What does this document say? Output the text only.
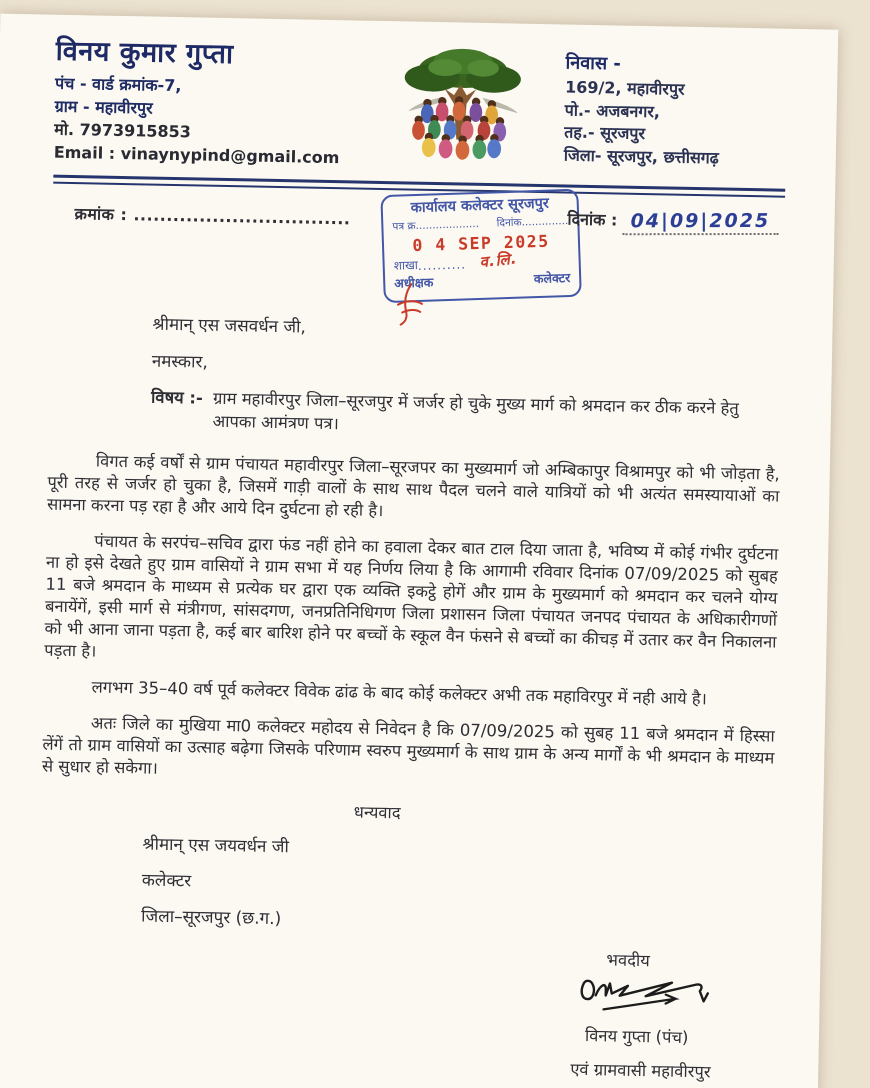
विनय कुमार गुप्ता
पंच - वार्ड क्रमांक-7,
ग्राम - महावीरपुर
मो. 7973915853
Email : vinaynypind@gmail.com
निवास -
169/2, महावीरपुर
पो.- अजबनगर,
तह.- सूरजपुर
जिला- सूरजपुर, छत्तीसगढ़
क्रमांक : .................................	कार्यालय कलेक्टर सूरजपुर
पत्र क्र................... दिनांक..............
0 4 SEP 2025
शाखा .......... व.लि.
अधीक्षक	कलेक्टर
दिनांक : 04|09|2025
श्रीमान् एस जसवर्धन जी,
नमस्कार,
विषय :- ग्राम महावीरपुर जिला–सूरजपुर में जर्जर हो चुके मुख्य मार्ग को श्रमदान कर ठीक करने हेतु आपका आमंत्रण पत्र।

विगत कई वर्षों से ग्राम पंचायत महावीरपुर जिला–सूरजपर का मुख्यमार्ग जो अम्बिकापुर विश्रामपुर को भी जोड़ता है, पूरी तरह से जर्जर हो चुका है, जिसमें गाड़ी वालों के साथ साथ पैदल चलने वाले यात्रियों को भी अत्यंत समस्यायाओं का सामना करना पड़ रहा है और आये दिन दुर्घटना हो रही है।

पंचायत के सरपंच–सचिव द्वारा फंड नहीं होने का हवाला देकर बात टाल दिया जाता है, भविष्य में कोई गंभीर दुर्घटना ना हो इसे देखते हुए ग्राम वासियों ने ग्राम सभा में यह निर्णय लिया है कि आगामी रविवार दिनांक 07/09/2025 को सुबह 11 बजे श्रमदान के माध्यम से प्रत्येक घर द्वारा एक व्यक्ति इकट्ठे होगें और ग्राम के मुख्यमार्ग को श्रमदान कर चलने योग्य बनायेंगें, इसी मार्ग से मंत्रीगण, सांसदगण, जनप्रतिनिधिगण जिला प्रशासन जिला पंचायत जनपद पंचायत के अधिकारीगणों को भी आना जाना पड़ता है, कई बार बारिश होने पर बच्चों के स्कूल वैन फंसने से बच्चों का कीचड़ में उतार कर वैन निकालना पड़ता है।

लगभग 35–40 वर्ष पूर्व कलेक्टर विवेक ढांढ के बाद कोई कलेक्टर अभी तक महाविरपुर में नही आये है।

अतः जिले का मुखिया मा0 कलेक्टर महोदय से निवेदन है कि 07/09/2025 को सुबह 11 बजे श्रमदान में हिस्सा लेंगें तो ग्राम वासियों का उत्साह बढ़ेगा जिसके परिणाम स्वरुप मुख्यमार्ग के साथ ग्राम के अन्य मार्गों के भी श्रमदान के माध्यम से सुधार हो सकेगा।

धन्यवाद
श्रीमान् एस जयवर्धन जी
कलेक्टर
जिला–सूरजपुर (छ.ग.)
भवदीय
विनय गुप्ता (पंच)
एवं ग्रामवासी महावीरपुर
